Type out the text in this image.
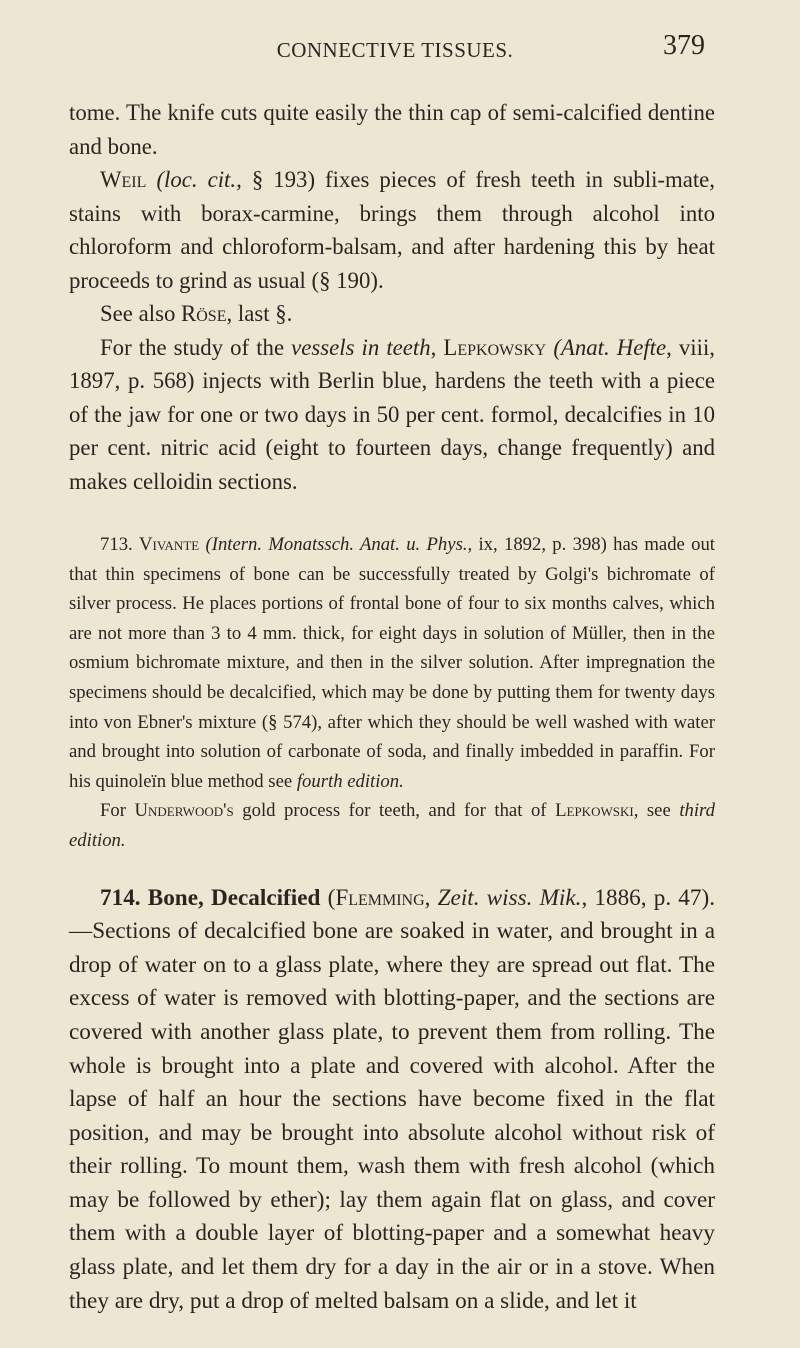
CONNECTIVE TISSUES.	379

tome. The knife cuts quite easily the thin cap of semi-calcified dentine and bone.

Weil (loc. cit., § 193) fixes pieces of fresh teeth in subli-mate, stains with borax-carmine, brings them through alcohol into chloroform and chloroform-balsam, and after hardening this by heat proceeds to grind as usual (§ 190).

See also Röse, last §.

For the study of the vessels in teeth, Lepkowsky (Anat. Hefte, viii, 1897, p. 568) injects with Berlin blue, hardens the teeth with a piece of the jaw for one or two days in 50 per cent. formol, decalcifies in 10 per cent. nitric acid (eight to fourteen days, change frequently) and makes celloidin sections.

713. Vivante (Intern. Monatssch. Anat. u. Phys., ix, 1892, p. 398) has made out that thin specimens of bone can be successfully treated by Golgi's bichromate of silver process. He places portions of frontal bone of four to six months calves, which are not more than 3 to 4 mm. thick, for eight days in solution of Müller, then in the osmium bichromate mixture, and then in the silver solution. After impregnation the specimens should be decalcified, which may be done by putting them for twenty days into von Ebner's mixture (§ 574), after which they should be well washed with water and brought into solution of carbonate of soda, and finally imbedded in paraffin. For his quinoleïn blue method see fourth edition.

For Underwood's gold process for teeth, and for that of Lepkowski, see third edition.

714. Bone, Decalcified (Flemming, Zeit. wiss. Mik., 1886, p. 47).—Sections of decalcified bone are soaked in water, and brought in a drop of water on to a glass plate, where they are spread out flat. The excess of water is removed with blotting-paper, and the sections are covered with another glass plate, to prevent them from rolling. The whole is brought into a plate and covered with alcohol. After the lapse of half an hour the sections have become fixed in the flat position, and may be brought into absolute alcohol without risk of their rolling. To mount them, wash them with fresh alcohol (which may be followed by ether); lay them again flat on glass, and cover them with a double layer of blotting-paper and a somewhat heavy glass plate, and let them dry for a day in the air or in a stove. When they are dry, put a drop of melted balsam on a slide, and let it
